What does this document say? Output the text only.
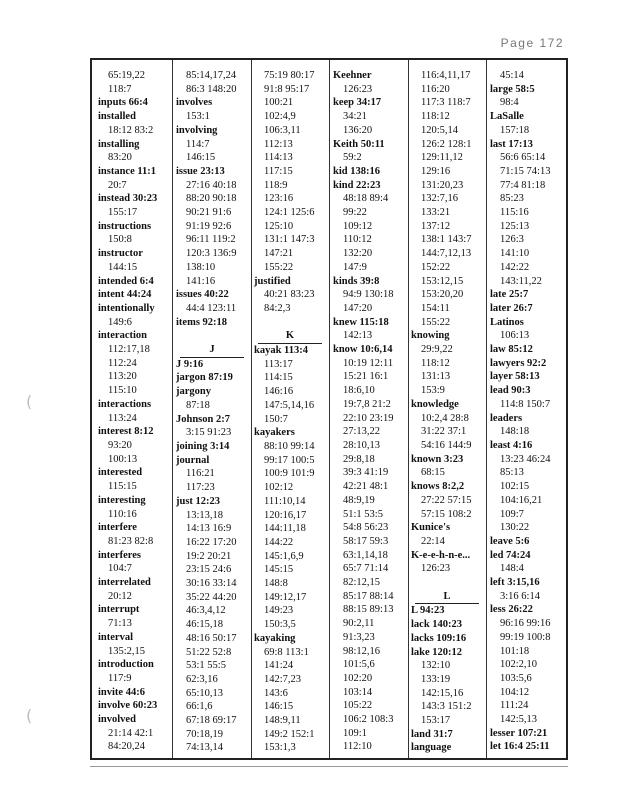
Page 172
65:19,22
118:7
inputs 66:4
installed
18:12 83:2
installing
83:20
instance 11:1
20:7
instead 30:23
155:17
instructions
150:8
instructor
144:15
intended 6:4
intent 44:24
intentionally
149:6
interaction
112:17,18
112:24
113:20
115:10
interactions
113:24
interest 8:12
93:20
100:13
interested
115:15
interesting
110:16
interfere
81:23 82:8
interferes
104:7
interrelated
20:12
interrupt
71:13
interval
135:2,15
introduction
117:9
invite 44:6
involve 60:23
involved
21:14 42:1
84:20,24
85:14,17,24
86:3 148:20
involves
153:1
involving
114:7
146:15
issue 23:13
27:16 40:18
88:20 90:18
90:21 91:6
91:19 92:6
96:11 119:2
120:3 136:9
138:10
141:16
issues 40:22
44:4 123:11
items 92:18

J
J 9:16
jargon 87:19
jargony
87:18
Johnson 2:7
3:15 91:23
joining 3:14
journal
116:21
117:23
just 12:23
13:13,18
14:13 16:9
16:22 17:20
19:2 20:21
23:15 24:6
30:16 33:14
35:22 44:20
46:3,4,12
46:15,18
48:16 50:17
51:22 52:8
53:1 55:5
62:3,16
65:10,13
66:1,6
67:18 69:17
70:18,19
74:13,14
75:19 80:17
91:8 95:17
100:21
102:4,9
106:3,11
112:13
114:13
117:15
118:9
123:16
124:1 125:6
125:10
131:1 147:3
147:21
155:22
justified
40:21 83:23
84:2,3

K
kayak 113:4
113:17
114:15
146:16
147:5,14,16
150:7
kayakers
88:10 99:14
99:17 100:5
100:9 101:9
102:12
111:10,14
120:16,17
144:11,18
144:22
145:1,6,9
145:15
148:8
149:12,17
149:23
150:3,5
kayaking
69:8 113:1
141:24
142:7,23
143:6
146:15
148:9,11
149:2 152:1
153:1,3
Keehner
126:23
keep 34:17
34:21
136:20
Keith 50:11
59:2
kid 138:16
kind 22:23
48:18 89:4
99:22
109:12
110:12
132:20
147:9
kinds 39:8
94:9 130:18
147:20
knew 115:18
142:13
know 10:6,14
10:19 12:11
15:21 16:1
18:6,10
19:7,8 21:2
22:10 23:19
27:13,22
28:10,13
29:8,18
39:3 41:19
42:21 48:1
48:9,19
51:1 53:5
54:8 56:23
58:17 59:3
63:1,14,18
65:7 71:14
82:12,15
85:17 88:14
88:15 89:13
90:2,11
91:3,23
98:12,16
101:5,6
102:20
103:14
105:22
106:2 108:3
109:1
112:10
116:4,11,17
116:20
117:3 118:7
118:12
120:5,14
126:2 128:1
129:11,12
129:16
131:20,23
132:7,16
133:21
137:12
138:1 143:7
144:7,12,13
152:22
153:12,15
153:20,20
154:11
155:22
knowing
29:9,22
118:12
131:13
153:9
knowledge
10:2,4 28:8
31:22 37:1
54:16 144:9
known 3:23
68:15
knows 8:2,2
27:22 57:15
57:15 108:2
Kunice's
22:14
K-e-e-h-n-e...
126:23

L
L 94:23
lack 140:23
lacks 109:16
lake 120:12
132:10
133:19
142:15,16
143:3 151:2
153:17
land 31:7
language
45:14
large 58:5
98:4
LaSalle
157:18
last 17:13
56:6 65:14
71:15 74:13
77:4 81:18
85:23
115:16
125:13
126:3
141:10
142:22
143:11,22
late 25:7
later 26:7
Latinos
106:13
law 85:12
lawyers 92:2
layer 58:13
lead 90:3
114:8 150:7
leaders
148:18
least 4:16
13:23 46:24
85:13
102:15
104:16,21
109:7
130:22
leave 5:6
led 74:24
148:4
left 3:15,16
3:16 6:14
less 26:22
96:16 99:16
99:19 100:8
101:18
102:2,10
103:5,6
104:12
111:24
142:5,13
lesser 107:21
let 16:4 25:11
(
(
